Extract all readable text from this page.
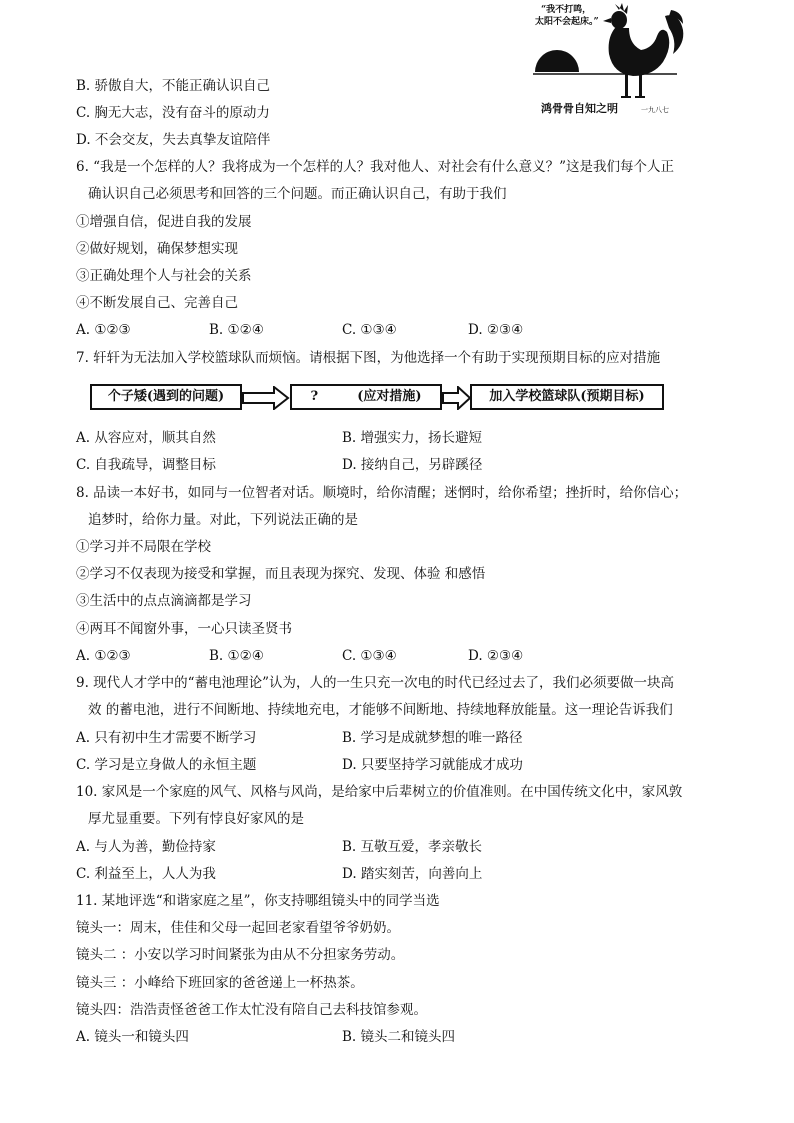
“我不打鸣，
太阳不会起床。”
鸿骨骨自知之明	一九八七
B. 骄傲自大，不能正确认识自己
C. 胸无大志，没有奋斗的原动力
D. 不会交友，失去真挚友谊陪伴
6. “我是一个怎样的人？我将成为一个怎样的人？我对他人、对社会有什么意义？”这是我们每个人正
确认识自己必须思考和回答的三个问题。而正确认识自己，有助于我们
①增强自信，促进自我的发展
②做好规划，确保梦想实现
③正确处理个人与社会的关系
④不断发展自己、完善自己
A. ①②③	B. ①②④	C. ①③④	D. ②③④
7. 轩轩为无法加入学校篮球队而烦恼。请根据下图，为他选择一个有助于实现预期目标的应对措施
个子矮(遇到的问题)	?	(应对措施)	加入学校篮球队(预期目标)
A. 从容应对，顺其自然	B. 增强实力，扬长避短
C. 自我疏导，调整目标	D. 接纳自己，另辟蹊径
8. 品读一本好书，如同与一位智者对话。顺境时，给你清醒；迷惘时，给你希望；挫折时，给你信心；
追梦时，给你力量。对此，下列说法正确的是
①学习并不局限在学校
②学习不仅表现为接受和掌握，而且表现为探究、发现、体验 和感悟
③生活中的点点滴滴都是学习
④两耳不闻窗外事，一心只读圣贤书
A. ①②③	B. ①②④	C. ①③④	D. ②③④
9. 现代人才学中的“蓄电池理论”认为，人的一生只充一次电的时代已经过去了，我们必须要做一块高
效 的蓄电池，进行不间断地、持续地充电，才能够不间断地、持续地释放能量。这一理论告诉我们
A. 只有初中生才需要不断学习	B. 学习是成就梦想的唯一路径
C. 学习是立身做人的永恒主题	D. 只要坚持学习就能成才成功
10. 家风是一个家庭的风气、风格与风尚，是给家中后辈树立的价值准则。在中国传统文化中，家风敦
厚尤显重要。下列有悖良好家风的是
A. 与人为善，勤俭持家	B. 互敬互爱，孝亲敬长
C. 利益至上，人人为我	D. 踏实刻苦，向善向上
11. 某地评选“和谐家庭之星”，你支持哪组镜头中的同学当选
镜头一：周末，佳佳和父母一起回老家看望爷爷奶奶。
镜头二 ：小安以学习时间紧张为由从不分担家务劳动。
镜头三 ：小峰给下班回家的爸爸递上一杯热茶。
镜头四：浩浩责怪爸爸工作太忙没有陪自己去科技馆参观。
A. 镜头一和镜头四	B. 镜头二和镜头四
